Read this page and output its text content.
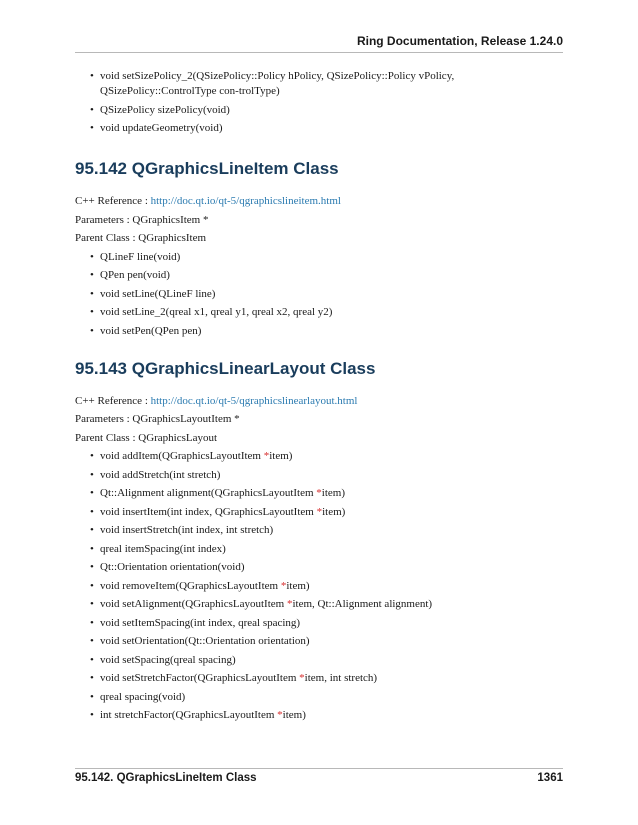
Ring Documentation, Release 1.24.0
• void setSizePolicy_2(QSizePolicy::Policy hPolicy, QSizePolicy::Policy vPolicy, QSizePolicy::ControlType con-trolType)
• QSizePolicy sizePolicy(void)
• void updateGeometry(void)
95.142 QGraphicsLineItem Class

C++ Reference : http://doc.qt.io/qt-5/qgraphicslineitem.html

Parameters : QGraphicsItem *

Parent Class : QGraphicsItem

• QLineF line(void)
• QPen pen(void)
• void setLine(QLineF line)
• void setLine_2(qreal x1, qreal y1, qreal x2, qreal y2)
• void setPen(QPen pen)
95.143 QGraphicsLinearLayout Class

C++ Reference : http://doc.qt.io/qt-5/qgraphicslinearlayout.html

Parameters : QGraphicsLayoutItem *

Parent Class : QGraphicsLayout

• void addItem(QGraphicsLayoutItem *item)
• void addStretch(int stretch)
• Qt::Alignment alignment(QGraphicsLayoutItem *item)
• void insertItem(int index, QGraphicsLayoutItem *item)
• void insertStretch(int index, int stretch)
• qreal itemSpacing(int index)
• Qt::Orientation orientation(void)
• void removeItem(QGraphicsLayoutItem *item)
• void setAlignment(QGraphicsLayoutItem *item, Qt::Alignment alignment)
• void setItemSpacing(int index, qreal spacing)
• void setOrientation(Qt::Orientation orientation)
• void setSpacing(qreal spacing)
• void setStretchFactor(QGraphicsLayoutItem *item, int stretch)
• qreal spacing(void)
• int stretchFactor(QGraphicsLayoutItem *item)
95.142. QGraphicsLineItem Class	1361
